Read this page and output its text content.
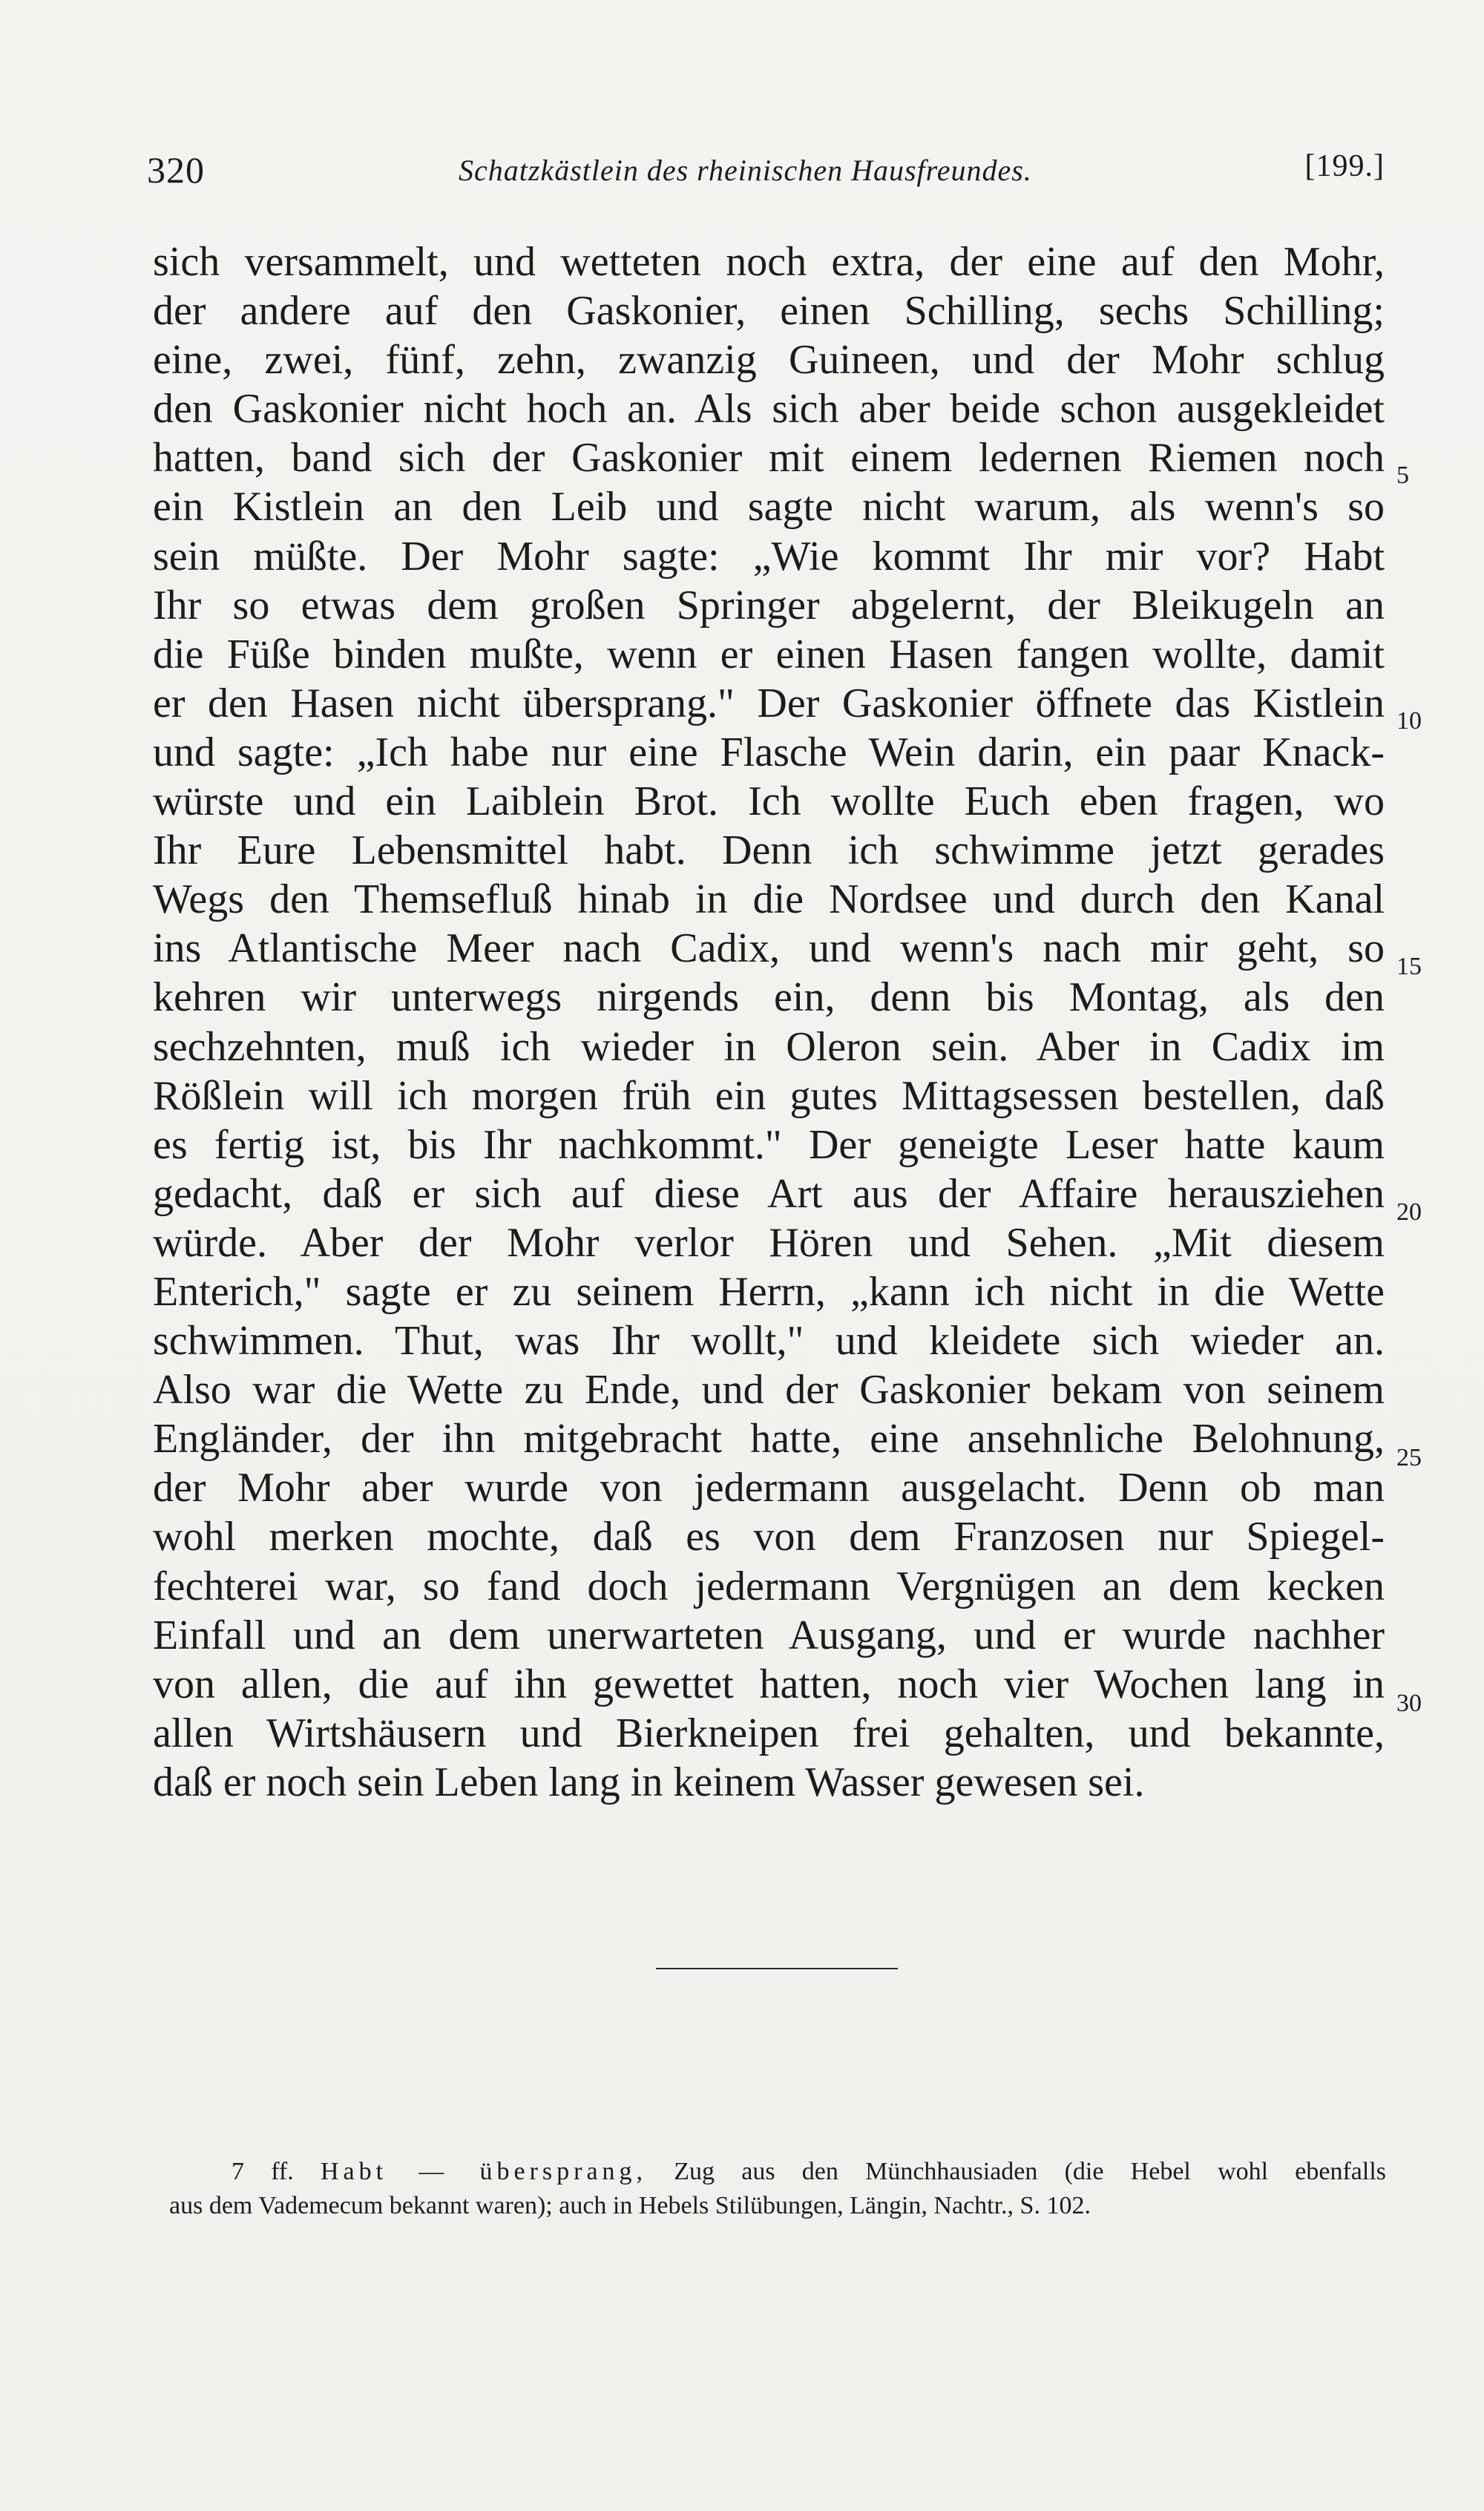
320	Schatzkästlein des rheinischen Hausfreundes.	[199.]
sich versammelt, und wetteten noch extra, der eine auf den Mohr,
der andere auf den Gaskonier, einen Schilling, sechs Schilling;
eine, zwei, fünf, zehn, zwanzig Guineen, und der Mohr schlug
den Gaskonier nicht hoch an. Als sich aber beide schon ausgekleidet
hatten, band sich der Gaskonier mit einem ledernen Riemen noch
ein Kistlein an den Leib und sagte nicht warum, als wenn's so
sein müßte. Der Mohr sagte: „Wie kommt Ihr mir vor? Habt
Ihr so etwas dem großen Springer abgelernt, der Bleikugeln an
die Füße binden mußte, wenn er einen Hasen fangen wollte, damit
er den Hasen nicht übersprang." Der Gaskonier öffnete das Kistlein
und sagte: „Ich habe nur eine Flasche Wein darin, ein paar Knack-
würste und ein Laiblein Brot. Ich wollte Euch eben fragen, wo
Ihr Eure Lebensmittel habt. Denn ich schwimme jetzt gerades
Wegs den Themsefluß hinab in die Nordsee und durch den Kanal
ins Atlantische Meer nach Cadix, und wenn's nach mir geht, so
kehren wir unterwegs nirgends ein, denn bis Montag, als den
sechzehnten, muß ich wieder in Oleron sein. Aber in Cadix im
Rößlein will ich morgen früh ein gutes Mittagsessen bestellen, daß
es fertig ist, bis Ihr nachkommt." Der geneigte Leser hatte kaum
gedacht, daß er sich auf diese Art aus der Affaire herausziehen
würde. Aber der Mohr verlor Hören und Sehen. „Mit diesem
Enterich," sagte er zu seinem Herrn, „kann ich nicht in die Wette
schwimmen. Thut, was Ihr wollt," und kleidete sich wieder an.
Also war die Wette zu Ende, und der Gaskonier bekam von seinem
Engländer, der ihn mitgebracht hatte, eine ansehnliche Belohnung,
der Mohr aber wurde von jedermann ausgelacht. Denn ob man
wohl merken mochte, daß es von dem Franzosen nur Spiegel-
fechterei war, so fand doch jedermann Vergnügen an dem kecken
Einfall und an dem unerwarteten Ausgang, und er wurde nachher
von allen, die auf ihn gewettet hatten, noch vier Wochen lang in
allen Wirtshäusern und Bierkneipen frei gehalten, und bekannte,
daß er noch sein Leben lang in keinem Wasser gewesen sei.
5
10
15
20
25
30
7 ff. Habt — übersprang, Zug aus den Münchhausiaden (die Hebel wohl ebenfalls
aus dem Vademecum bekannt waren); auch in Hebels Stilübungen, Längin, Nachtr., S. 102.
